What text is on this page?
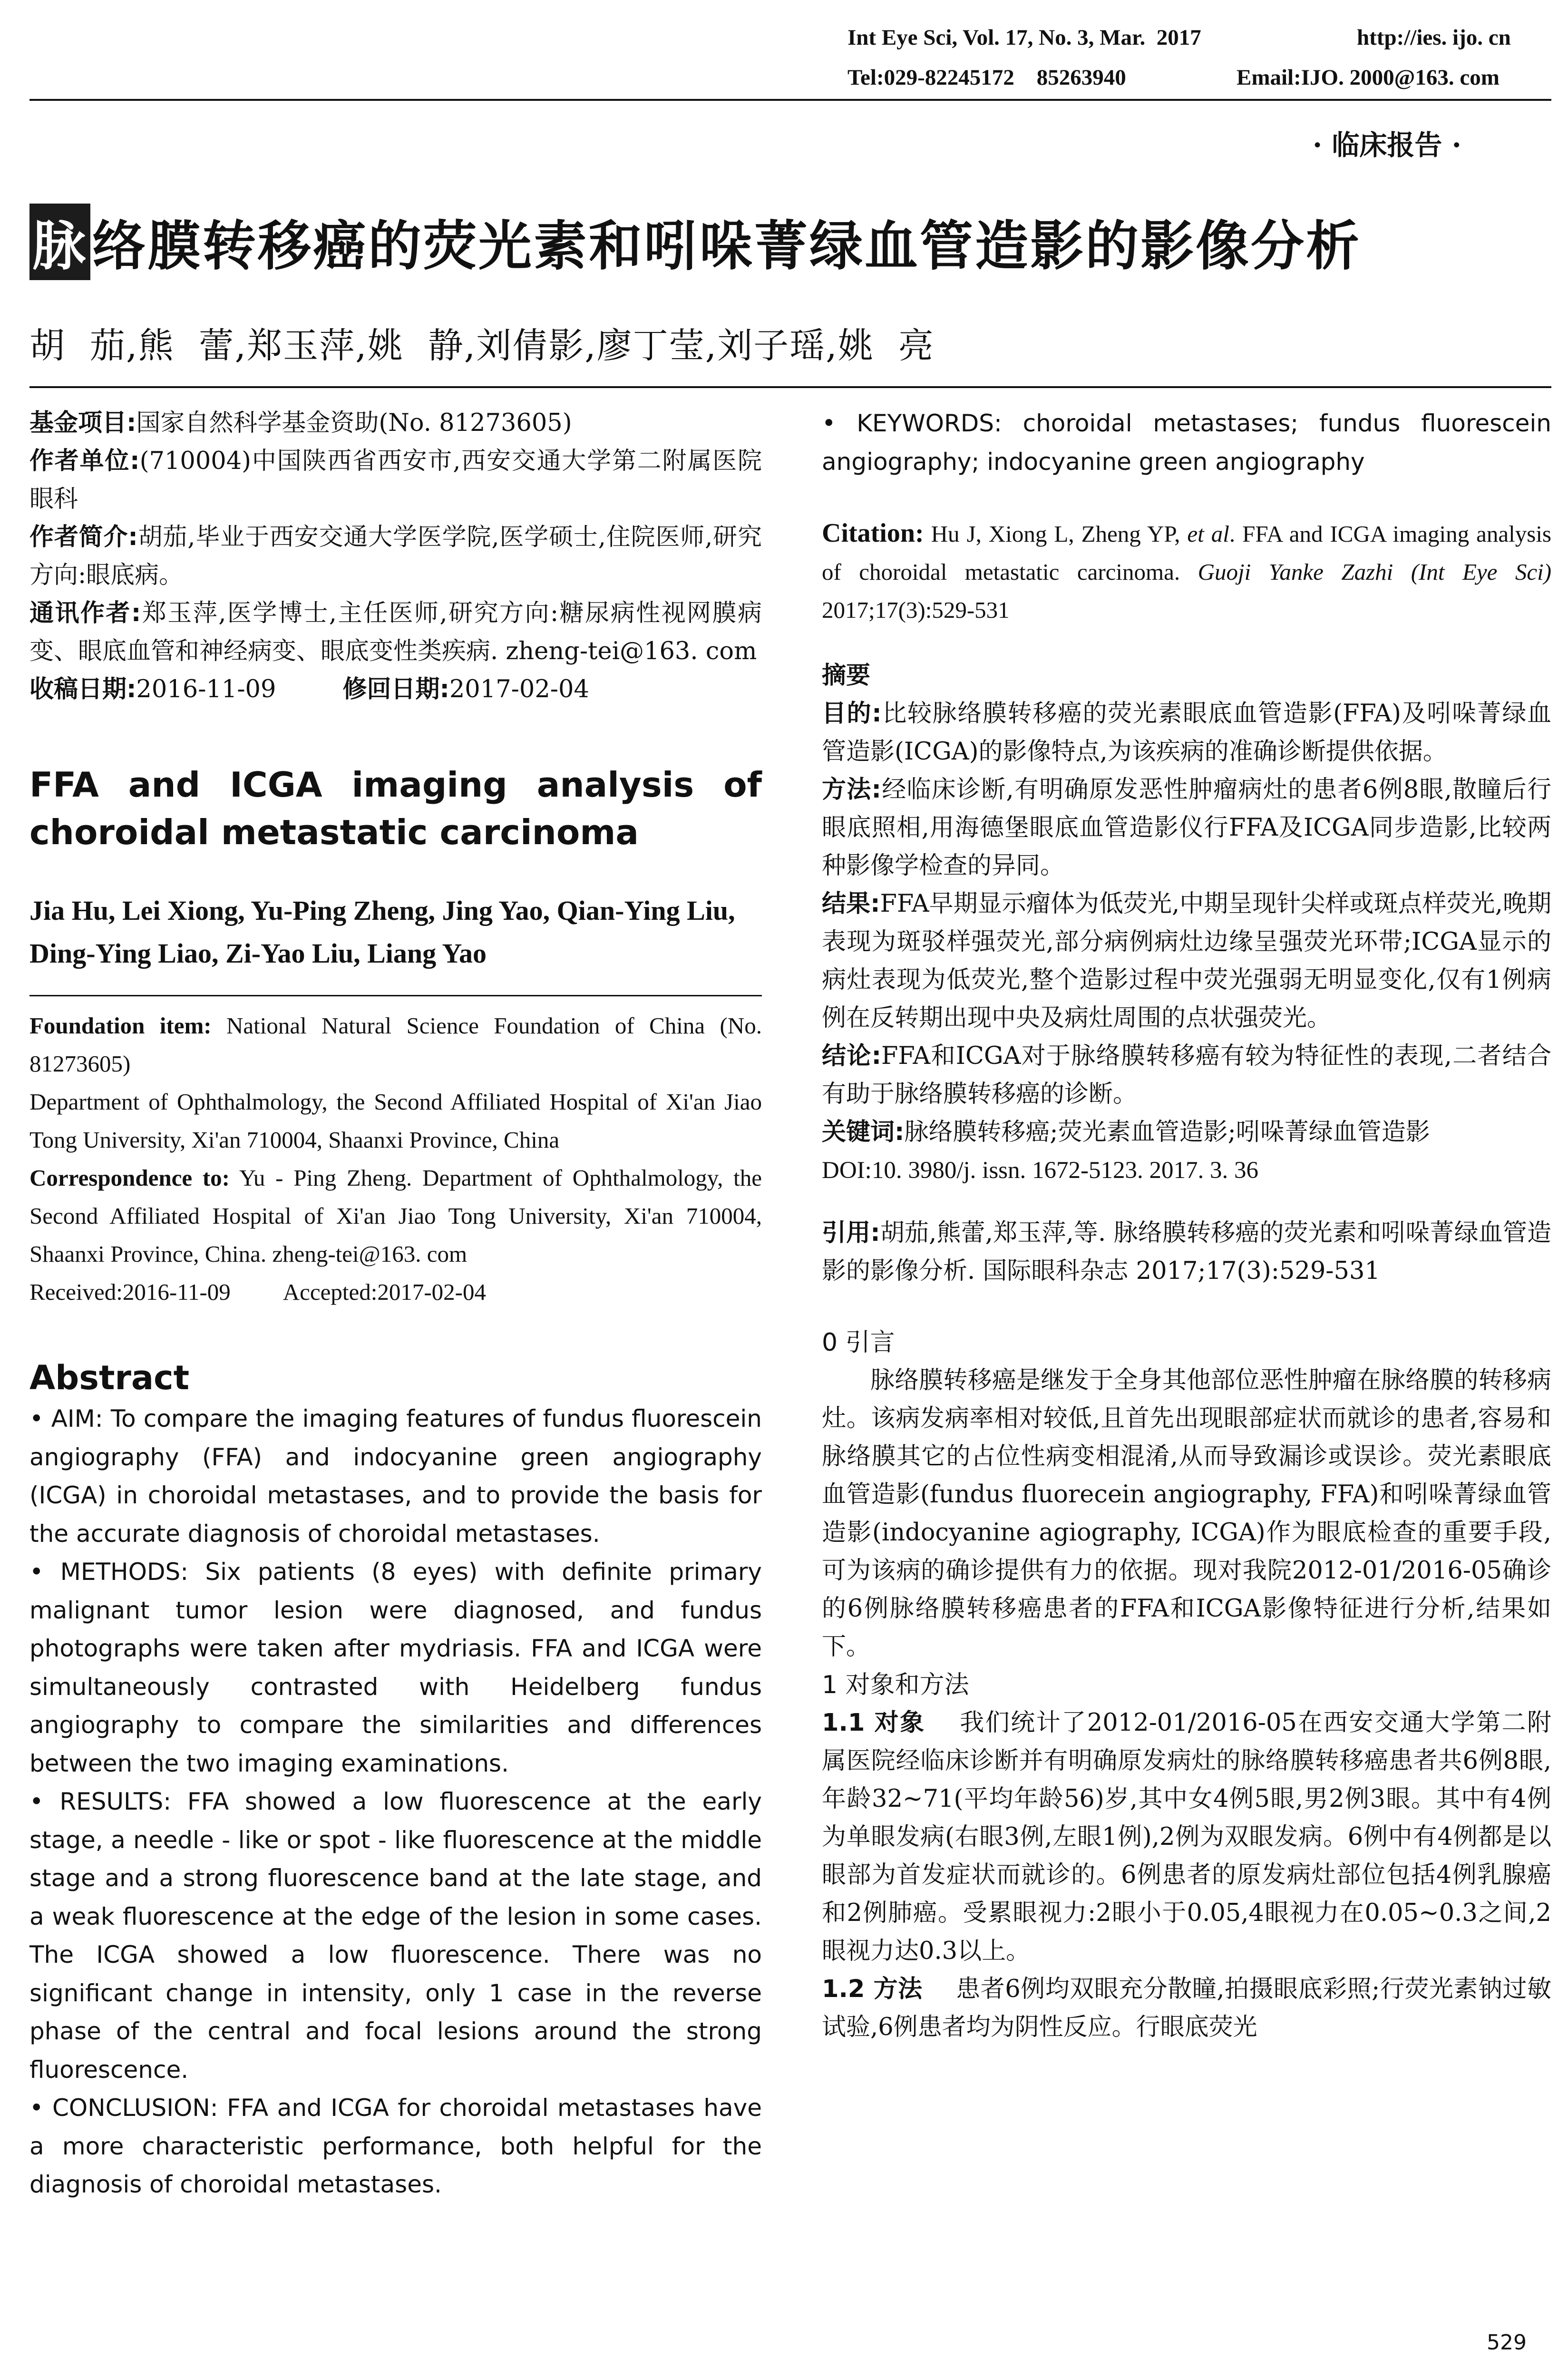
Int Eye Sci, Vol. 17, No. 3, Mar.  2017	http://ies. ijo. cn
Tel:029-82245172    85263940	Email:IJO. 2000@163. com
· 临床报告 ·
脉络膜转移癌的荧光素和吲哚菁绿血管造影的影像分析
胡  茄,熊  蕾,郑玉萍,姚  静,刘倩影,廖丁莹,刘子瑶,姚  亮

基金项目:国家自然科学基金资助(No. 81273605)

作者单位:(710004)中国陕西省西安市,西安交通大学第二附属医院眼科

作者简介:胡茄,毕业于西安交通大学医学院,医学硕士,住院医师,研究方向:眼底病。

通讯作者:郑玉萍,医学博士,主任医师,研究方向:糖尿病性视网膜病变、眼底血管和神经病变、眼底变性类疾病. zheng-tei@163. com

收稿日期:2016-11-09	修回日期:2017-02-04

FFA and ICGA imaging analysis of choroidal metastatic carcinoma
Jia Hu, Lei Xiong, Yu-Ping Zheng, Jing Yao, Qian-Ying Liu, Ding-Ying Liao, Zi-Yao Liu, Liang Yao

Foundation item: National Natural Science Foundation of China (No. 81273605)

Department of Ophthalmology, the Second Affiliated Hospital of Xi'an Jiao Tong University, Xi'an 710004, Shaanxi Province, China

Correspondence to: Yu - Ping Zheng. Department of Ophthalmology, the Second Affiliated Hospital of Xi'an Jiao Tong University, Xi'an 710004, Shaanxi Province, China. zheng-tei@163. com

Received:2016-11-09 Accepted:2017-02-04

Abstract

• AIM: To compare the imaging features of fundus fluorescein angiography (FFA) and indocyanine green angiography (ICGA) in choroidal metastases, and to provide the basis for the accurate diagnosis of choroidal metastases.

• METHODS: Six patients (8 eyes) with definite primary malignant tumor lesion were diagnosed, and fundus photographs were taken after mydriasis. FFA and ICGA were simultaneously contrasted with Heidelberg fundus angiography to compare the similarities and differences between the two imaging examinations.

• RESULTS: FFA showed a low fluorescence at the early stage, a needle - like or spot - like fluorescence at the middle stage and a strong fluorescence band at the late stage, and a weak fluorescence at the edge of the lesion in some cases. The ICGA showed a low fluorescence. There was no significant change in intensity, only 1 case in the reverse phase of the central and focal lesions around the strong fluorescence.

• CONCLUSION: FFA and ICGA for choroidal metastases have a more characteristic performance, both helpful for the diagnosis of choroidal metastases.

• KEYWORDS: choroidal metastases; fundus fluorescein angiography; indocyanine green angiography
Citation: Hu J, Xiong L, Zheng YP, et al. FFA and ICGA imaging analysis of choroidal metastatic carcinoma. Guoji Yanke Zazhi (Int Eye Sci) 2017;17(3):529-531

摘要

目的:比较脉络膜转移癌的荧光素眼底血管造影(FFA)及吲哚菁绿血管造影(ICGA)的影像特点,为该疾病的准确诊断提供依据。

方法:经临床诊断,有明确原发恶性肿瘤病灶的患者6例8眼,散瞳后行眼底照相,用海德堡眼底血管造影仪行FFA及ICGA同步造影,比较两种影像学检查的异同。

结果:FFA早期显示瘤体为低荧光,中期呈现针尖样或斑点样荧光,晚期表现为斑驳样强荧光,部分病例病灶边缘呈强荧光环带;ICGA显示的病灶表现为低荧光,整个造影过程中荧光强弱无明显变化,仅有1例病例在反转期出现中央及病灶周围的点状强荧光。

结论:FFA和ICGA对于脉络膜转移癌有较为特征性的表现,二者结合有助于脉络膜转移癌的诊断。

关键词:脉络膜转移癌;荧光素血管造影;吲哚菁绿血管造影

DOI:10. 3980/j. issn. 1672-5123. 2017. 3. 36

引用:胡茄,熊蕾,郑玉萍,等. 脉络膜转移癌的荧光素和吲哚菁绿血管造影的影像分析. 国际眼科杂志 2017;17(3):529-531
0 引言
脉络膜转移癌是继发于全身其他部位恶性肿瘤在脉络膜的转移病灶。该病发病率相对较低,且首先出现眼部症状而就诊的患者,容易和脉络膜其它的占位性病变相混淆,从而导致漏诊或误诊。荧光素眼底血管造影(fundus fluorecein angiography, FFA)和吲哚菁绿血管造影(indocyanine agiography, ICGA)作为眼底检查的重要手段,可为该病的确诊提供有力的依据。现对我院2012-01/2016-05确诊的6例脉络膜转移癌患者的FFA和ICGA影像特征进行分析,结果如下。
1 对象和方法
1.1 对象 我们统计了2012-01/2016-05在西安交通大学第二附属医院经临床诊断并有明确原发病灶的脉络膜转移癌患者共6例8眼,年龄32~71(平均年龄56)岁,其中女4例5眼,男2例3眼。其中有4例为单眼发病(右眼3例,左眼1例),2例为双眼发病。6例中有4例都是以眼部为首发症状而就诊的。6例患者的原发病灶部位包括4例乳腺癌和2例肺癌。受累眼视力:2眼小于0.05,4眼视力在0.05~0.3之间,2眼视力达0.3以上。
1.2 方法 患者6例均双眼充分散瞳,拍摄眼底彩照;行荧光素钠过敏试验,6例患者均为阴性反应。行眼底荧光
529
